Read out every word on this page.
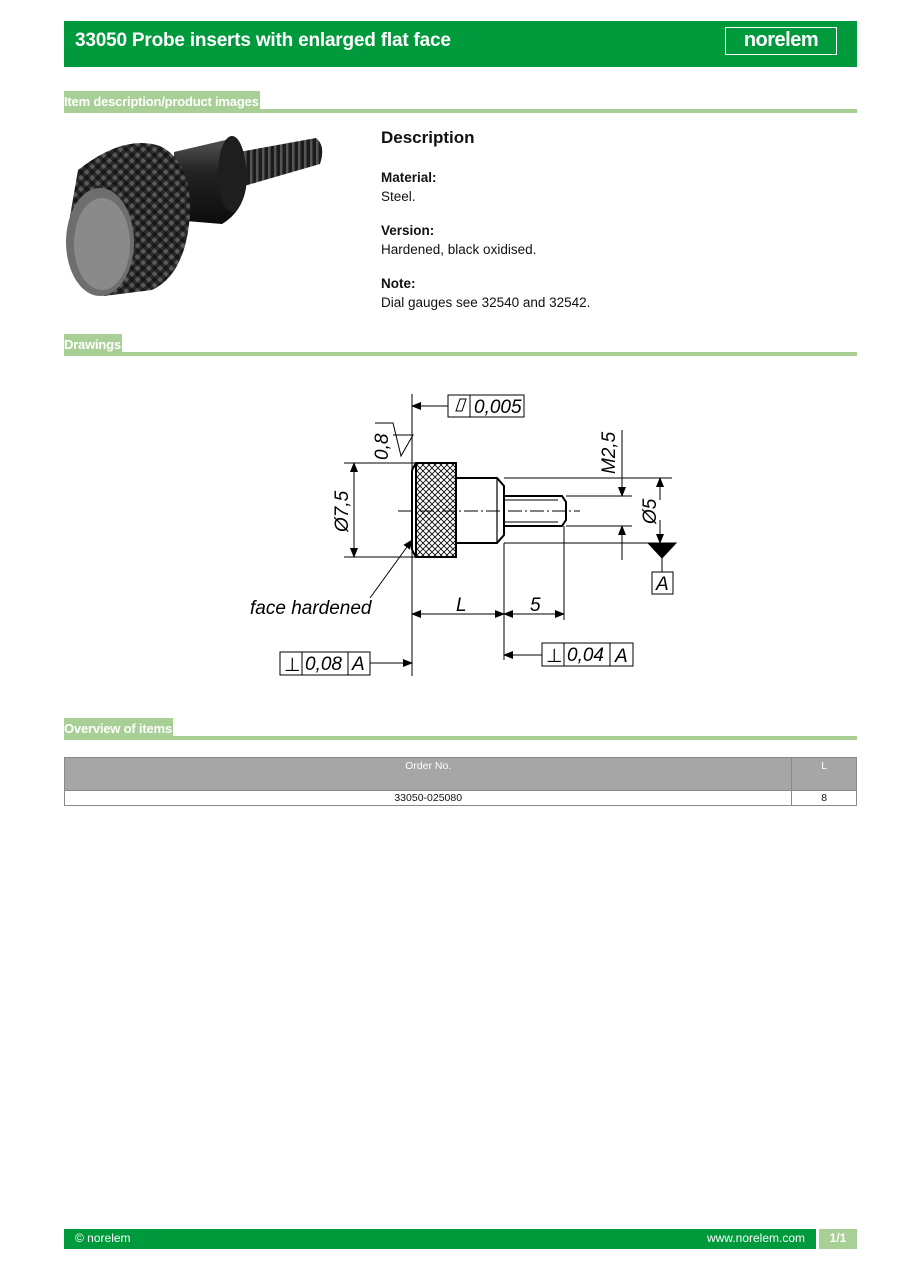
33050 Probe inserts with enlarged flat face	norelem
Item description/product images
Description
Material:
Steel.
Version:
Hardened, black oxidised.
Note:
Dial gauges see 32540 and 32542.
Drawings
0,005
0,8
Ø7,5
M2,5
Ø5
A
face hardened	L	5
⊥ 0,08 A	⊥ 0,04 A
Overview of items
Order No.	L
33050-025080	8
© norelem	www.norelem.com	1/1
